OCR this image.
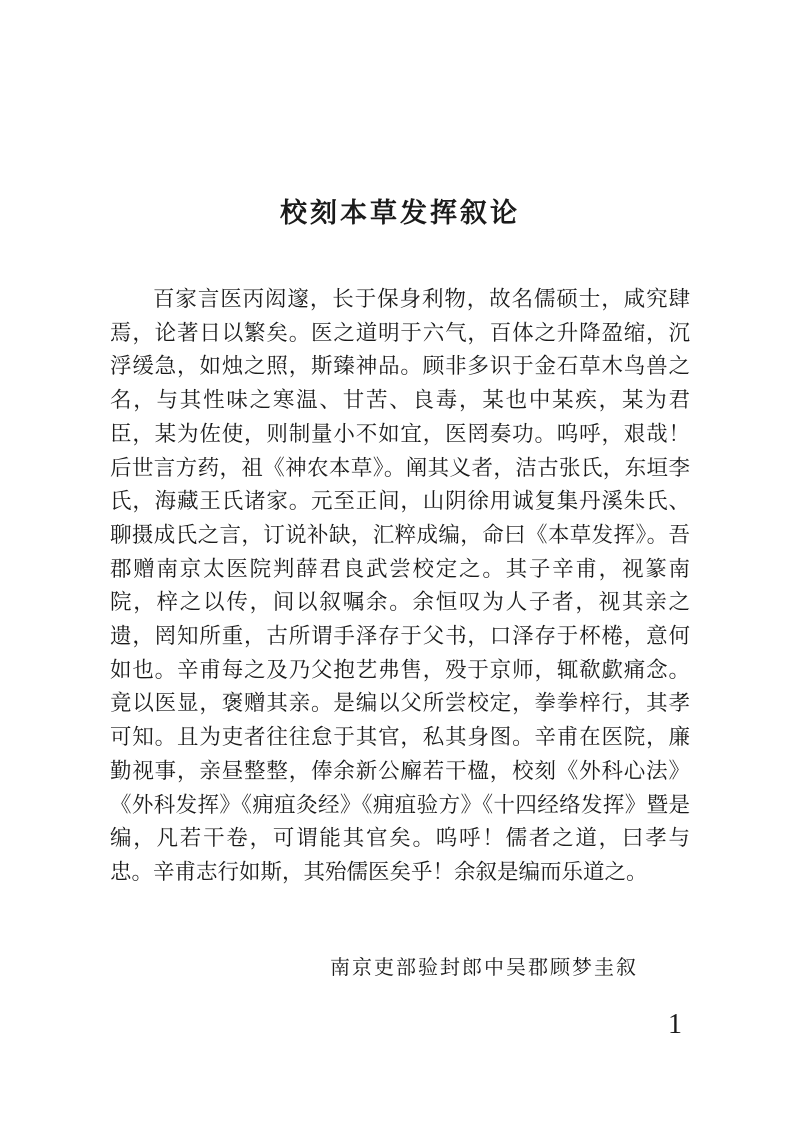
校刻本草发挥叙论

百家言医丙闳邃，长于保身利物，故名儒硕士，咸究肆焉，论著日以繁矣。医之道明于六气，百体之升降盈缩，沉浮缓急，如烛之照，斯臻神品。顾非多识于金石草木鸟兽之名，与其性味之寒温、甘苦、良毒，某也中某疾，某为君臣，某为佐使，则制量小不如宜，医罔奏功。呜呼，艰哉！后世言方药，祖《神农本草》。阐其义者，洁古张氏，东垣李氏，海藏王氏诸家。元至正间，山阴徐用诚复集丹溪朱氏、聊摄成氏之言，订说补缺，汇粹成编，命曰《本草发挥》。吾郡赠南京太医院判薛君良武尝校定之。其子辛甫，视篆南院，梓之以传，间以叙嘱余。余恒叹为人子者，视其亲之遗，罔知所重，古所谓手泽存于父书，口泽存于杯棬，意何如也。辛甫每之及乃父抱艺弗售，殁于京师，辄欷歔痛念。竟以医显，褒赠其亲。是编以父所尝校定，拳拳梓行，其孝可知。且为吏者往往怠于其官，私其身图。辛甫在医院，廉勤视事，亲昼整整，俸余新公廨若干楹，校刻《外科心法》《外科发挥》《痈疽灸经》《痈疽验方》《十四经络发挥》暨是编，凡若干卷，可谓能其官矣。呜呼！儒者之道，曰孝与忠。辛甫志行如斯，其殆儒医矣乎！余叙是编而乐道之。

南京吏部验封郎中吴郡顾梦圭叙
1
